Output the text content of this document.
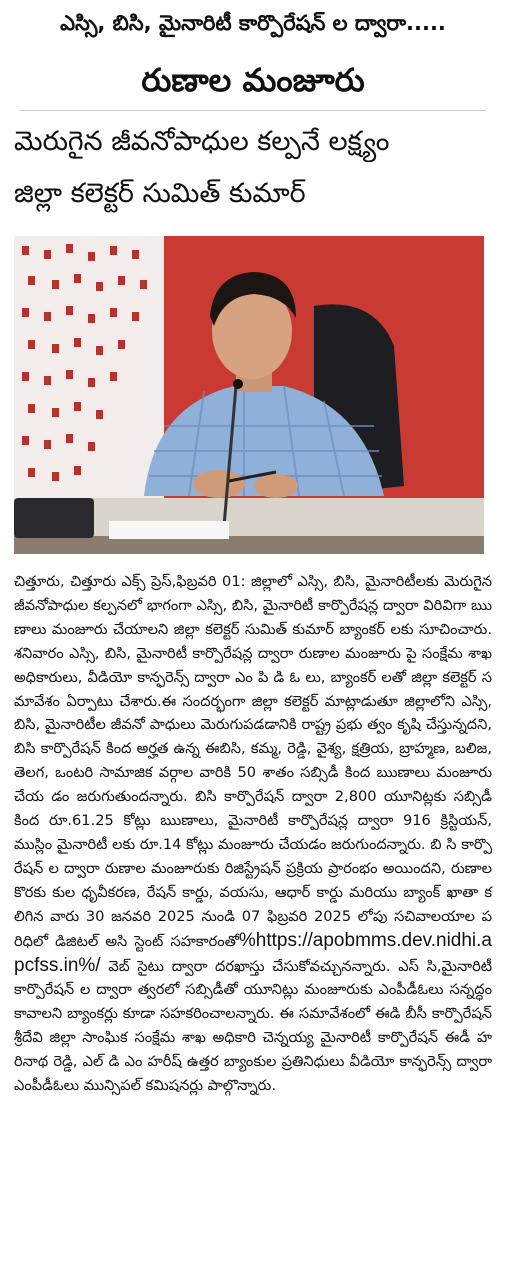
ఎస్సి, బిసి, మైనారిటీ కార్పొరేషన్ ల ద్వారా.....
రుణాల మంజూరు
మెరుగైన జీవనోపాధుల కల్పనే లక్ష్యం
జిల్లా కలెక్టర్ సుమిత్ కుమార్
చిత్తూరు, చిత్తూరు ఎక్స్ ప్రెస్,ఫిబ్రవరి 01: జిల్లాలో ఎస్సి, బిసి, మైనారిటీలకు మెరుగైన జీవనోపాధుల కల్పనలో భాగంగా ఎస్సి, బిసి, మైనారిటీ కార్పొరేషన్ల ద్వారా విరివిగా ఋణాలు మంజూరు చేయాలని జిల్లా కలెక్టర్ సుమిత్ కుమార్ బ్యాంకర్ లకు సూచించారు. శనివారం ఎస్సి, బిసి, మైనారిటీ కార్పొరేషన్ల ద్వారా రుణాల మంజూరు పై సంక్షేమ శాఖ అధికారులు, వీడియో కాన్ఫరెన్స్ ద్వారా ఎం పి డి ఓ లు, బ్యాంకర్ లతో జిల్లా కలెక్టర్ సమావేశం ఏర్పాటు చేశారు.ఈ సందర్భంగా జిల్లా కలెక్టర్ మాట్లాడుతూ జిల్లాలోని ఎస్సి, బిసి, మైనారిటీల జీవనో పాధులు మెరుగుపడడానికి రాష్ట్ర ప్రభు త్వం కృషి చేస్తున్నదని, బిసి కార్పొరేషన్ కింద అర్హత ఉన్న ఈబిసి, కమ్మ, రెడ్డి, వైశ్య, క్షత్రియ, బ్రాహ్మణ, బలిజ, తెలగ, ఒంటరి సామాజిక వర్గాల వారికి 50 శాతం సబ్సిడీ కింద ఋణాలు మంజూరు చేయ డం జరుగుతుందన్నారు. బిసి కార్పొరేషన్ ద్వారా 2,800 యూనిట్లకు సబ్సిడీ కింద రూ.61.25 కోట్లు ఋణాలు, మైనారిటీ కార్పొరేషన్ల ద్వారా 916 క్రిస్టియన్, ముస్లిం మైనారిటీ లకు రూ.14 కోట్లు మంజూరు చేయడం జరుగుందన్నారు. బి సి కార్పొ రేషన్ ల ద్వారా రుణాల మంజూరుకు రిజిస్ట్రేషన్ ప్రక్రియ ప్రారంభం అయిందని, రుణాల కొరకు కుల ధృవీకరణ, రేషన్ కార్డు, వయసు, ఆధార్ కార్డు మరియు బ్యాంక్ ఖాతా కలిగిన వారు 30 జనవరి 2025 నుండి 07 ఫిబ్రవరి 2025 లోపు సచివాలయాల పరిధిలో డిజిటల్ అసి స్టెంట్ సహకారంతో%https://apobmms.dev.nidhi.apcfss.in%/ వెబ్ సైటు ద్వారా దరఖాస్తు చేసుకోవచ్చునన్నారు. ఎస్ సి,మైనారిటీ కార్పొరేషన్ ల ద్వారా త్వరలో సబ్సిడీతో యూనిట్లు మంజూరుకు ఎంపీడీఓలు సన్నద్ధం కావాలని బ్యాంకర్లు కూడా సహకరించాలన్నారు. ఈ సమావేశంలో ఈడి బీసీ కార్పొరేషన్ శ్రీదేవి జిల్లా సాంఘిక సంక్షేమ శాఖ అధికారి చెన్నయ్య మైనారిటీ కార్పొరేషన్ ఈడీ హరినాథ రెడ్డి, ఎల్ డి ఎం హరీష్ ఉత్తర బ్యాంకుల ప్రతినిధులు వీడియో కాన్ఫరెన్స్ ద్వారా ఎంపీడీఓలు మున్సిపల్ కమిషనర్లు పాల్గొన్నారు.
